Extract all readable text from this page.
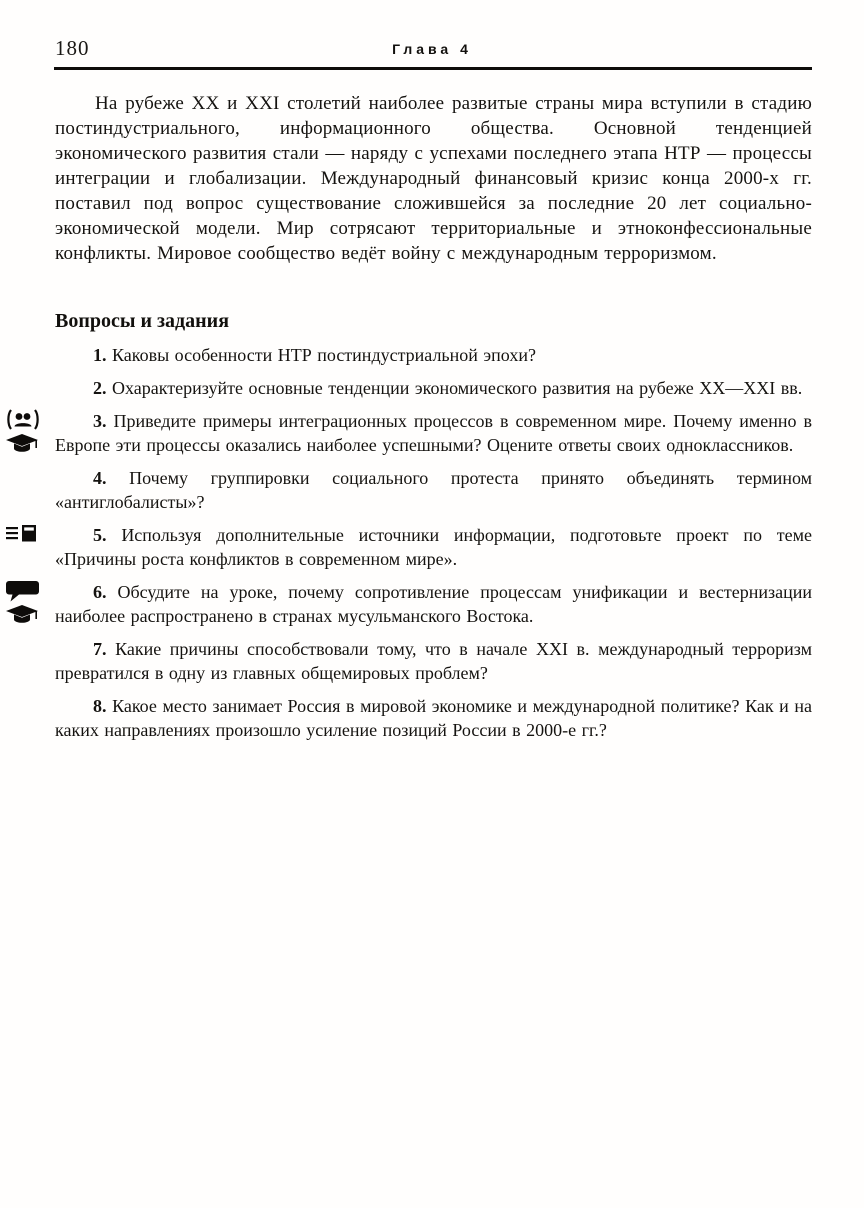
180	Глава 4

На рубеже XX и XXI столетий наиболее развитые страны мира вступили в стадию постиндустриального, информационного общества. Основной тенденцией экономического развития стали — наряду с успехами последнего этапа НТР — процессы интеграции и глобализации. Международный финансовый кризис конца 2000-х гг. поставил под вопрос существование сложившейся за последние 20 лет социально-экономической модели. Мир сотрясают территориальные и этноконфессиональные конфликты. Мировое сообщество ведёт войну с международным терроризмом.

Вопросы и задания

1. Каковы особенности НТР постиндустриальной эпохи?

2. Охарактеризуйте основные тенденции экономического развития на рубеже XX—XXI вв.

3. Приведите примеры интеграционных процессов в современном мире. Почему именно в Европе эти процессы оказались наиболее успешными? Оцените ответы своих одноклассников.

4. Почему группировки социального протеста принято объединять термином «антиглобалисты»?

5. Используя дополнительные источники информации, подготовьте проект по теме «Причины роста конфликтов в современном мире».

6. Обсудите на уроке, почему сопротивление процессам унификации и вестернизации наиболее распространено в странах мусульманского Востока.

7. Какие причины способствовали тому, что в начале XXI в. международный терроризм превратился в одну из главных общемировых проблем?

8. Какое место занимает Россия в мировой экономике и международной политике? Как и на каких направлениях произошло усиление позиций России в 2000-е гг.?
